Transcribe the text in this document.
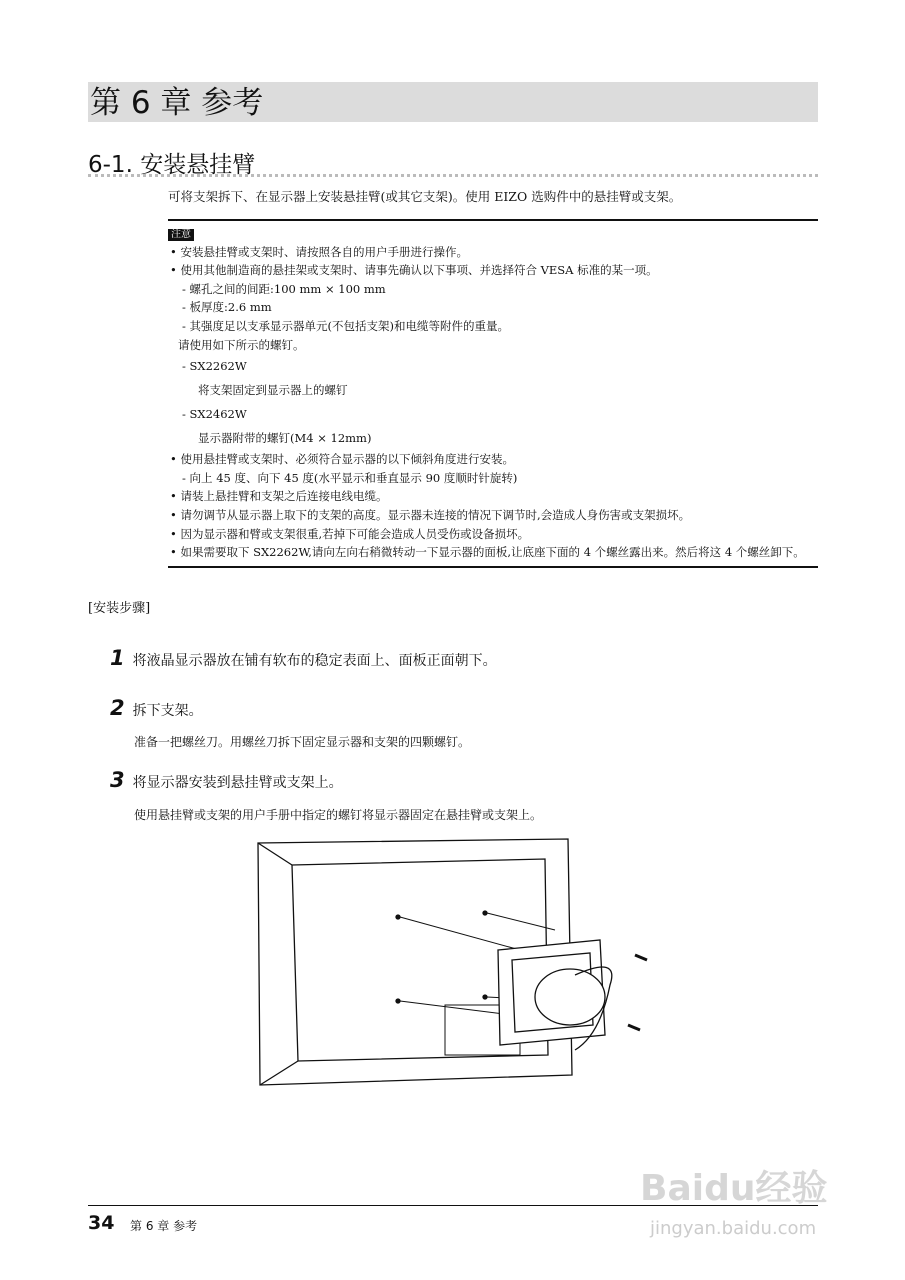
第 6 章 参考
6-1. 安装悬挂臂
可将支架拆下、在显示器上安装悬挂臂(或其它支架)。使用 EIZO 选购件中的悬挂臂或支架。
注意
• 安装悬挂臂或支架时、请按照各自的用户手册进行操作。
• 使用其他制造商的悬挂架或支架时、请事先确认以下事项、并选择符合 VESA 标准的某一项。
- 螺孔之间的间距:100 mm × 100 mm
- 板厚度:2.6 mm
- 其强度足以支承显示器单元(不包括支架)和电缆等附件的重量。
请使用如下所示的螺钉。
- SX2262W
将支架固定到显示器上的螺钉
- SX2462W
显示器附带的螺钉(M4 × 12mm)
• 使用悬挂臂或支架时、必须符合显示器的以下倾斜角度进行安装。
- 向上 45 度、向下 45 度(水平显示和垂直显示 90 度顺时针旋转)
• 请装上悬挂臂和支架之后连接电线电缆。
• 请勿调节从显示器上取下的支架的高度。显示器未连接的情况下调节时,会造成人身伤害或支架损坏。
• 因为显示器和臂或支架很重,若掉下可能会造成人员受伤或设备损坏。
• 如果需要取下 SX2262W,请向左向右稍微转动一下显示器的面板,让底座下面的 4 个螺丝露出来。然后将这 4 个螺丝卸下。
[安装步骤]
1 将液晶显示器放在铺有软布的稳定表面上、面板正面朝下。
2 拆下支架。
准备一把螺丝刀。用螺丝刀拆下固定显示器和支架的四颗螺钉。
3 将显示器安装到悬挂臂或支架上。
使用悬挂臂或支架的用户手册中指定的螺钉将显示器固定在悬挂臂或支架上。
Baidu经验
jingyan.baidu.com
34 第 6 章 参考
